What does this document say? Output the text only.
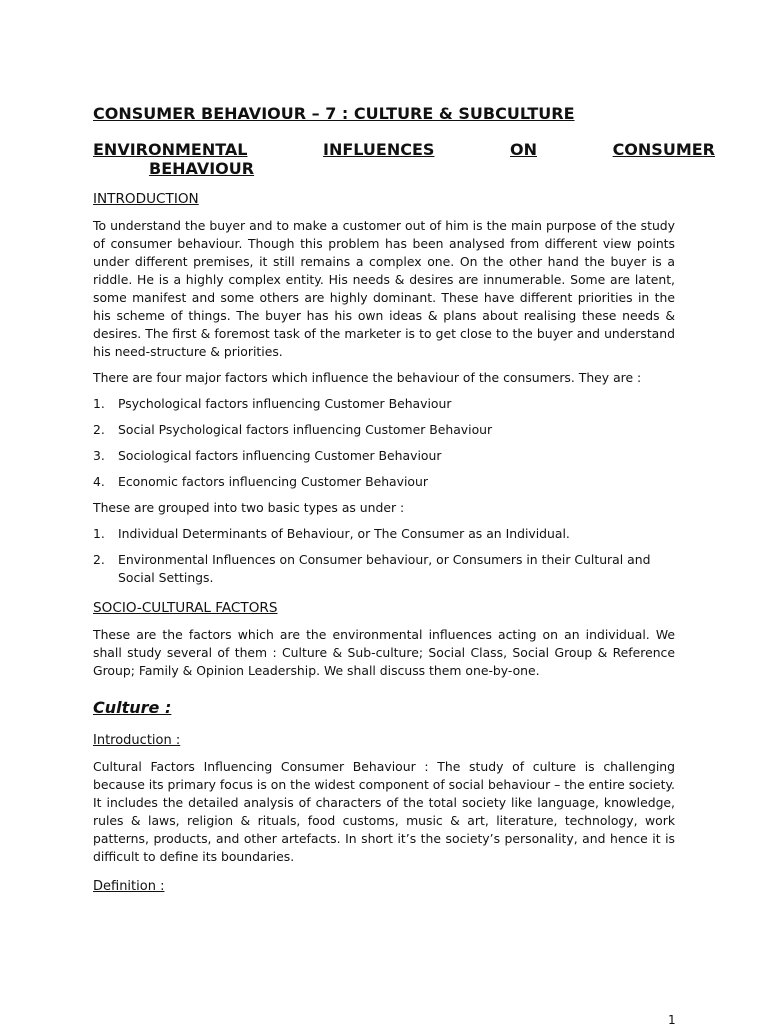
CONSUMER BEHAVIOUR – 7 : CULTURE & SUBCULTURE
ENVIRONMENTAL	INFLUENCES	ON	CONSUMER
BEHAVIOUR
INTRODUCTION

To understand the buyer and to make a customer out of him is the main purpose of the study of consumer behaviour. Though this problem has been analysed from different view points under different premises, it still remains a complex one. On the other hand the buyer is a riddle. He is a highly complex entity. His needs & desires are innumerable. Some are latent, some manifest and some others are highly dominant. These have different priorities in the his scheme of things. The buyer has his own ideas & plans about realising these needs & desires. The first & foremost task of the marketer is to get close to the buyer and understand his need-structure & priorities.

There are four major factors which influence the behaviour of the consumers. They are :

1.	Psychological factors influencing Customer Behaviour
2.	Social Psychological factors influencing Customer Behaviour
3.	Sociological factors influencing Customer Behaviour
4.	Economic factors influencing Customer Behaviour

These are grouped into two basic types as under :

1.	Individual Determinants of Behaviour, or The Consumer as an Individual.
2.	Environmental Influences on Consumer behaviour, or Consumers in their Cultural and Social Settings.
SOCIO-CULTURAL FACTORS

These are the factors which are the environmental influences acting on an individual. We shall study several of them : Culture & Sub-culture; Social Class, Social Group & Reference Group; Family & Opinion Leadership. We shall discuss them one-by-one.

Culture :
Introduction :

Cultural Factors Influencing Consumer Behaviour : The study of culture is challenging because its primary focus is on the widest component of social behaviour – the entire society. It includes the detailed analysis of characters of the total society like language, knowledge, rules & laws, religion & rituals, food customs, music & art, literature, technology, work patterns, products, and other artefacts. In short it’s the society’s personality, and hence it is difficult to define its boundaries.

Definition :
1
